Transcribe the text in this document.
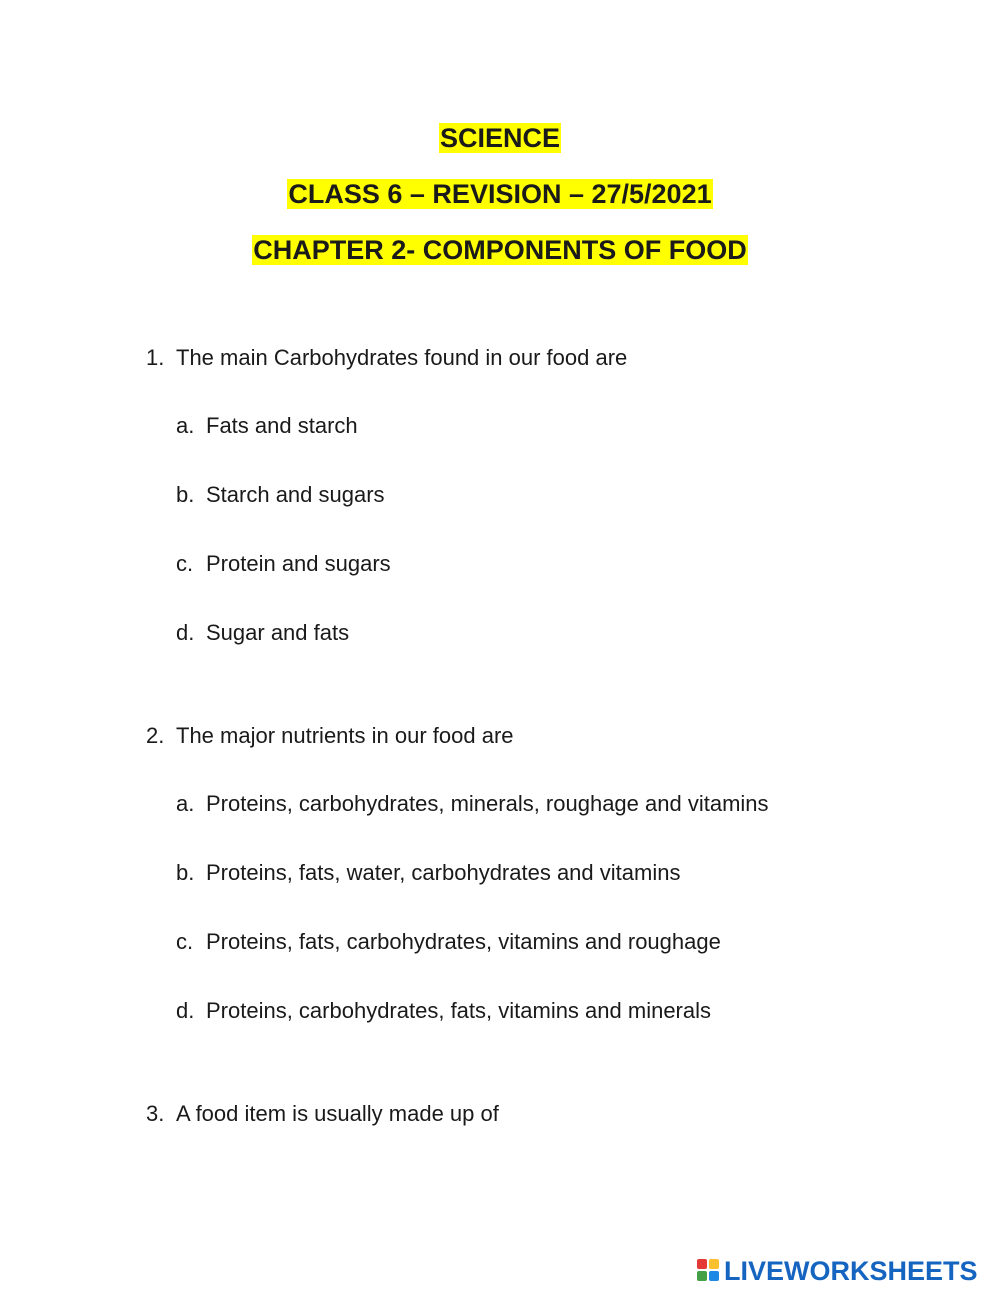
SCIENCE
CLASS 6 – REVISION – 27/5/2021
CHAPTER 2- COMPONENTS OF FOOD
1. The main Carbohydrates found in our food are
a. Fats and starch
b. Starch and sugars
c. Protein and sugars
d. Sugar and fats
2. The major nutrients in our food are
a. Proteins, carbohydrates, minerals, roughage and vitamins
b. Proteins, fats, water, carbohydrates and vitamins
c. Proteins, fats, carbohydrates, vitamins and roughage
d. Proteins, carbohydrates, fats, vitamins and minerals
3. A food item is usually made up of
LIVEWORKSHEETS
